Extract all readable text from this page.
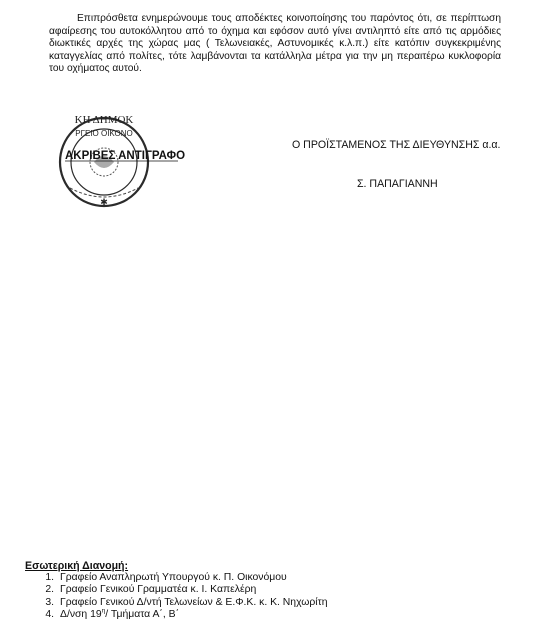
Επιπρόσθετα ενημερώνουμε τους αποδέκτες κοινοποίησης του παρόντος ότι, σε περίπτωση αφαίρεσης του αυτοκόλλητου από το όχημα και εφόσον αυτό γίνει αντιληπτό είτε από τις αρμόδιες διωκτικές αρχές της χώρας μας ( Τελωνειακές, Αστυνομικές κ.λ.π.) είτε κατόπιν συγκεκριμένης καταγγελίας από πολίτες, τότε λαμβάνονται τα κατάλληλα μέτρα για την μη περαιτέρω κυκλοφορία του οχήματος αυτού.

ΚΗ ΔΗΜΟΚ
ΡΓΕΙΟ ΟΙΚΟΝΟ
✱
ΑΚΡΙΒΕΣ ΑΝΤΙΓΡΑΦΟ
Ο ΠΡΟΪΣΤΑΜΕΝΟΣ ΤΗΣ ΔΙΕΥΘΥΝΣΗΣ α.α.
Σ. ΠΑΠΑΓΙΑΝΝΗ
Εσωτερική Διανομή:
1. Γραφείο Αναπληρωτή Υπουργού κ. Π. Οικονόμου
2. Γραφείο Γενικού Γραμματέα κ. Ι. Καπελέρη
3. Γραφείο Γενικού Δ/ντή Τελωνείων & Ε.Φ.Κ. κ. Κ. Νηχωρίτη
4. Δ/νση $19^\eta/$ Τμήματα Α΄, Β΄
